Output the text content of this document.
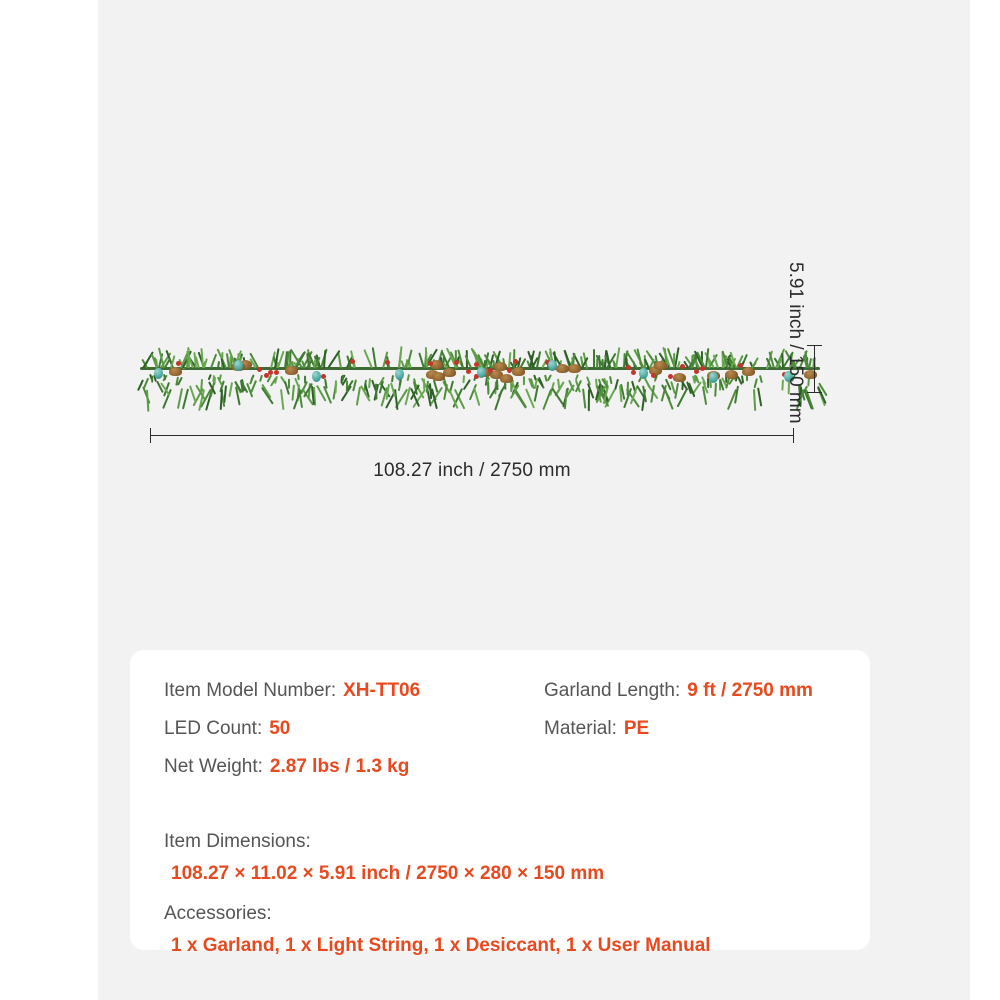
108.27 inch / 2750 mm
5.91 inch / 150 mm
Item Model Number: XH-TT06
LED Count: 50
Net Weight: 2.87 lbs / 1.3 kg
Garland Length: 9 ft / 2750 mm
Material: PE
Item Dimensions:
108.27 × 11.02 × 5.91 inch / 2750 × 280 × 150 mm
Accessories:
1 x Garland, 1 x Light String, 1 x Desiccant, 1 x User Manual
